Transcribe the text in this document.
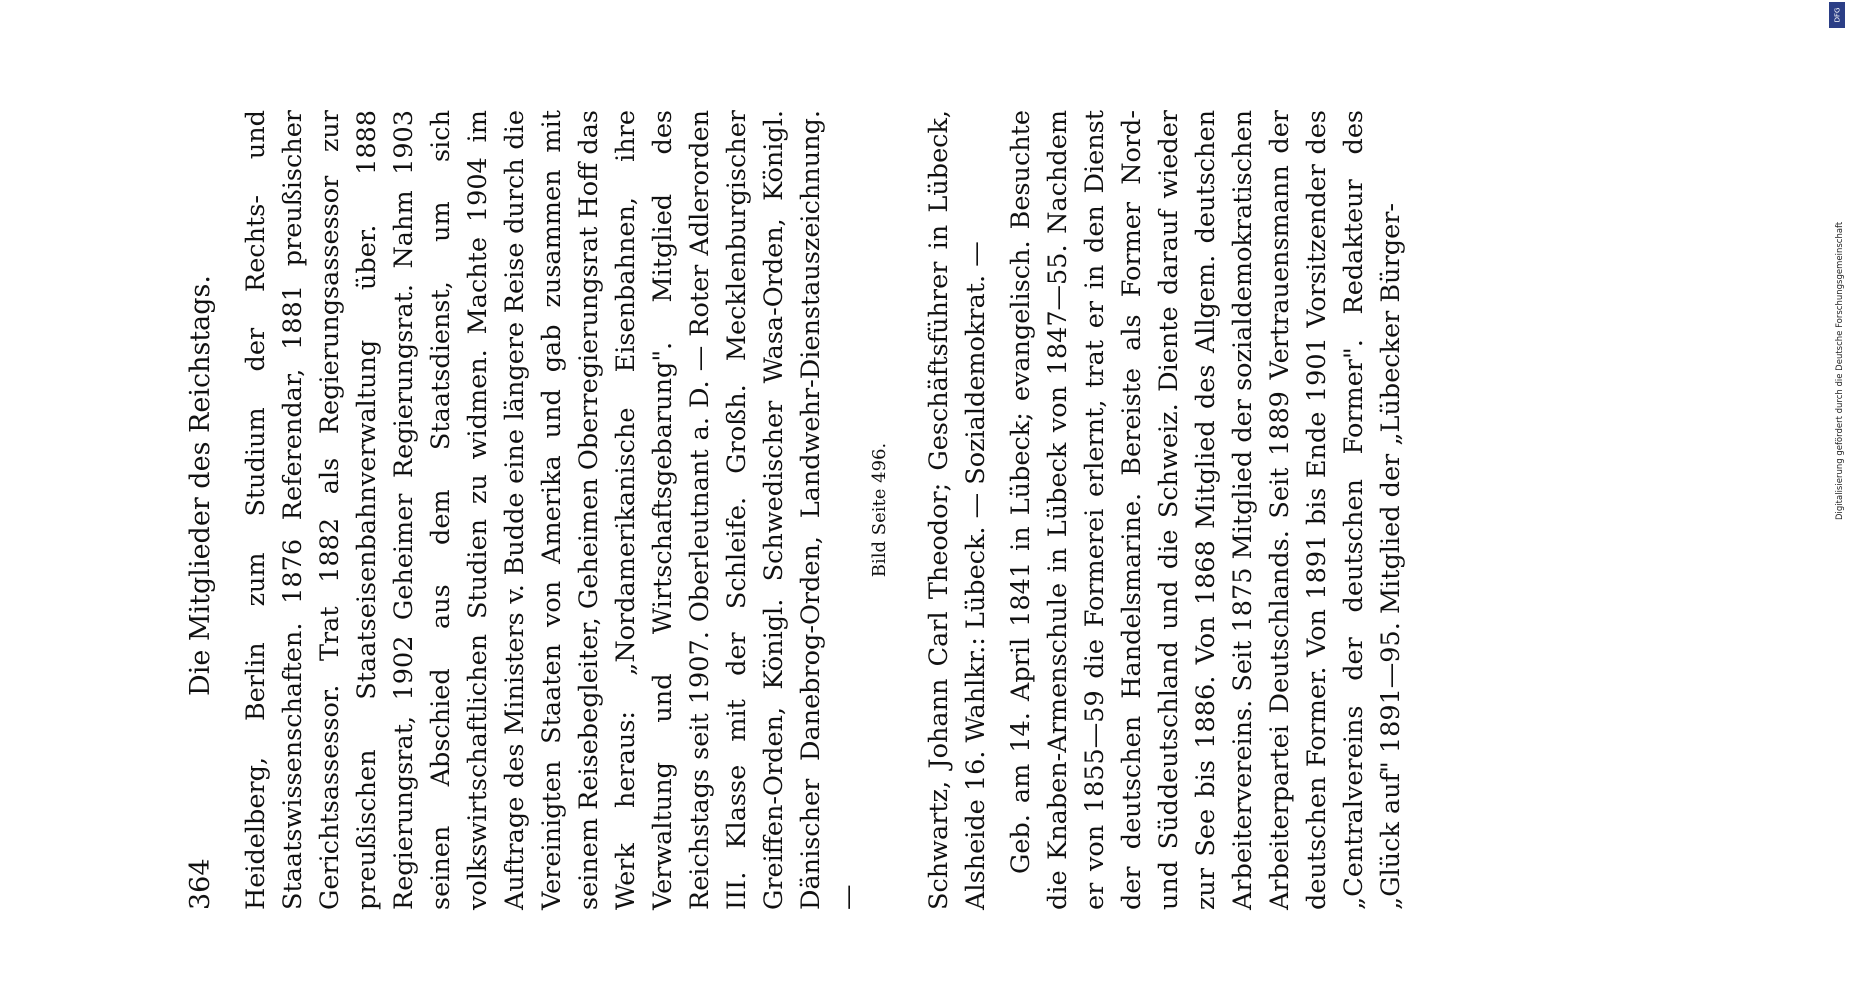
364
Die Mitglieder des Reichstags. Heidelberg, Berlin zum Studium der Rechts- und Staatswissenschaften. 1876 Referendar, 1881 preußischer Gerichtsassessor. Trat 1882 als Regierungsassessor zur preußischen Staatseisenbahnverwaltung über. 1888 Regierungsrat, 1902 Geheimer Regierungsrat. Nahm 1903 seinen Abschied aus dem Staatsdienst, um sich volkswirtschaftlichen Studien zu widmen. Machte 1904 im Auftrage des Ministers v. Budde eine längere Reise durch die Vereinigten Staaten von Amerika und gab zusammen mit seinem Reisebegleiter, Geheimen Oberregierungsrat Hoff das Werk heraus: „Nordamerikanische Eisenbahnen, ihre Verwaltung und Wirtschaftsgebarung". Mitglied des Reichstags seit 1907. Oberleutnant a. D. — Roter Adlerorden III. Klasse mit der Schleife. Großh. Mecklenburgischer Greiffen-Orden, Königl. Schwedischer Wasa-Orden, Königl. Dänischer Danebrog-Orden, Landwehr-Dienstauszeichnung. —

Bild Seite 496. Schwartz, Johann Carl Theodor; Geschäftsführer in Lübeck, Alsheide 16. Wahlkr.: Lübeck. — Sozialdemokrat. — Geb. am 14. April 1841 in Lübeck; evangelisch. Besuchte die Knaben-Armenschule in Lübeck von 1847—55. Nachdem er von 1855—59 die Formerei erlernt, trat er in den Dienst der deutschen Handelsmarine. Bereiste als Former Nord- und Süddeutschland und die Schweiz. Diente darauf wieder zur See bis 1886. Von 1868 Mitglied des Allgem. deutschen Arbeitervereins. Seit 1875 Mitglied der sozialdemokratischen Arbeiterpartei Deutschlands. Seit 1889 Vertrauensmann der deutschen Former. Von 1891 bis Ende 1901 Vorsitzender des „Centralvereins der deutschen Former". Redakteur des „Glück auf" 1891—95. Mitglied der „Lübecker Bürger-	Digitalisierung gefördert durch die Deutsche Forschungsgemeinschaft
DFG
